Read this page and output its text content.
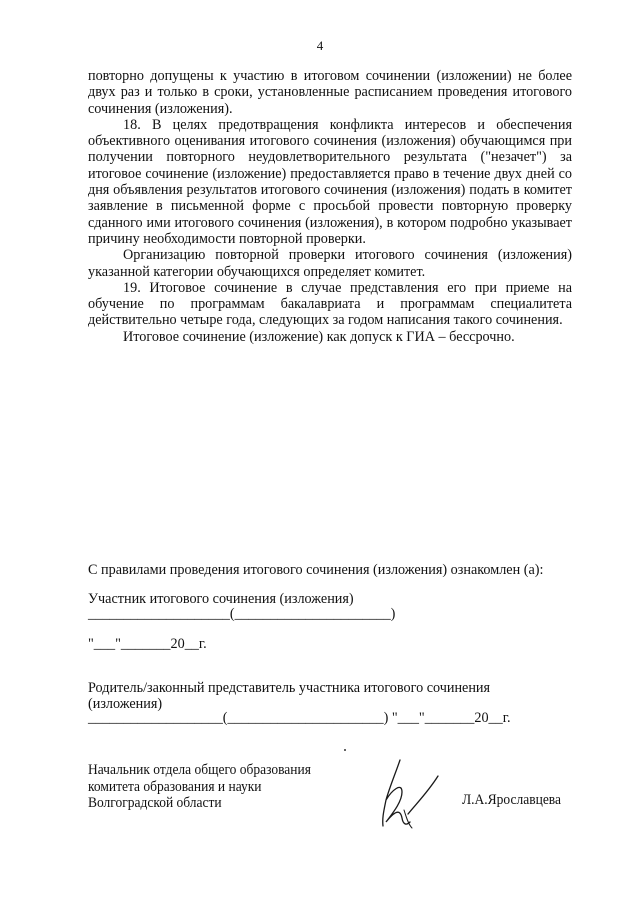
4

повторно допущены к участию в итоговом сочинении (изложении) не более двух раз и только в сроки, установленные расписанием проведения итогового сочинения (изложения).

18. В целях предотвращения конфликта интересов и обеспечения объективного оценивания итогового сочинения (изложения) обучающимся при получении повторного неудовлетворительного результата ("незачет") за итоговое сочинение (изложение) предоставляется право в течение двух дней со дня объявления результатов итогового сочинения (изложения) подать в комитет заявление в письменной форме с просьбой провести повторную проверку сданного ими итогового сочинения (изложения), в котором подробно указывает причину необходимости повторной проверки.

Организацию повторной проверки итогового сочинения (изложения) указанной категории обучающихся определяет комитет.

19. Итоговое сочинение в случае представления его при приеме на обучение по программам бакалавриата и программам специалитета действительно четыре года, следующих за годом написания такого сочинения.

Итоговое сочинение (изложение) как допуск к ГИА – бессрочно.

С правилами проведения итогового сочинения (изложения) ознакомлен (а):
Участник итогового сочинения (изложения)
____________________(______________________)
"___"_______20__г.
Родитель/законный представитель участника итогового сочинения (изложения)
___________________(______________________) "___"_______20__г.
Начальник отдела общего образования
комитета образования и науки
Волгоградской области	Л.А.Ярославцева
